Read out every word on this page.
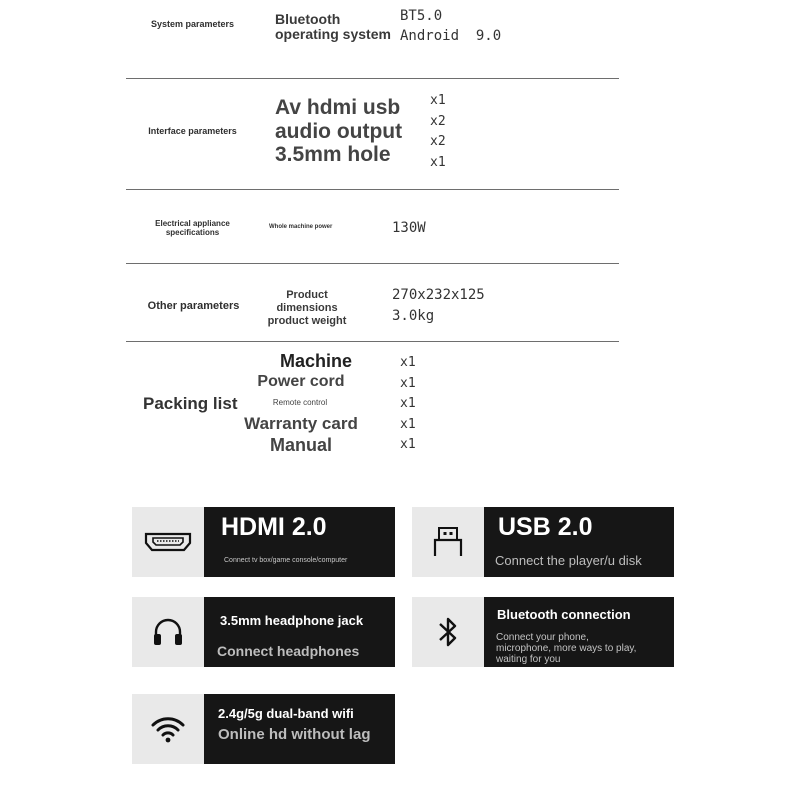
System parameters	Bluetooth
operating system
BT5.0
Android  9.0
Interface parameters
Av hdmi usb
audio output
3.5mm hole
x1
x2
x2
x1
Electrical appliance
specifications
Whole machine power	130W
Other parameters
Product
dimensions
product weight
270x232x125
3.0kg
Packing list
Machine
Power cord
Remote control
Warranty card
Manual
x1
x1
x1
x1
x1
HDMI 2.0
Connect tv box/game console/computer
USB 2.0
Connect the player/u disk
3.5mm headphone jack
Connect headphones
Bluetooth connection
Connect your phone,
microphone, more ways to play,
waiting for you
2.4g/5g dual-band wifi
Online hd without lag
